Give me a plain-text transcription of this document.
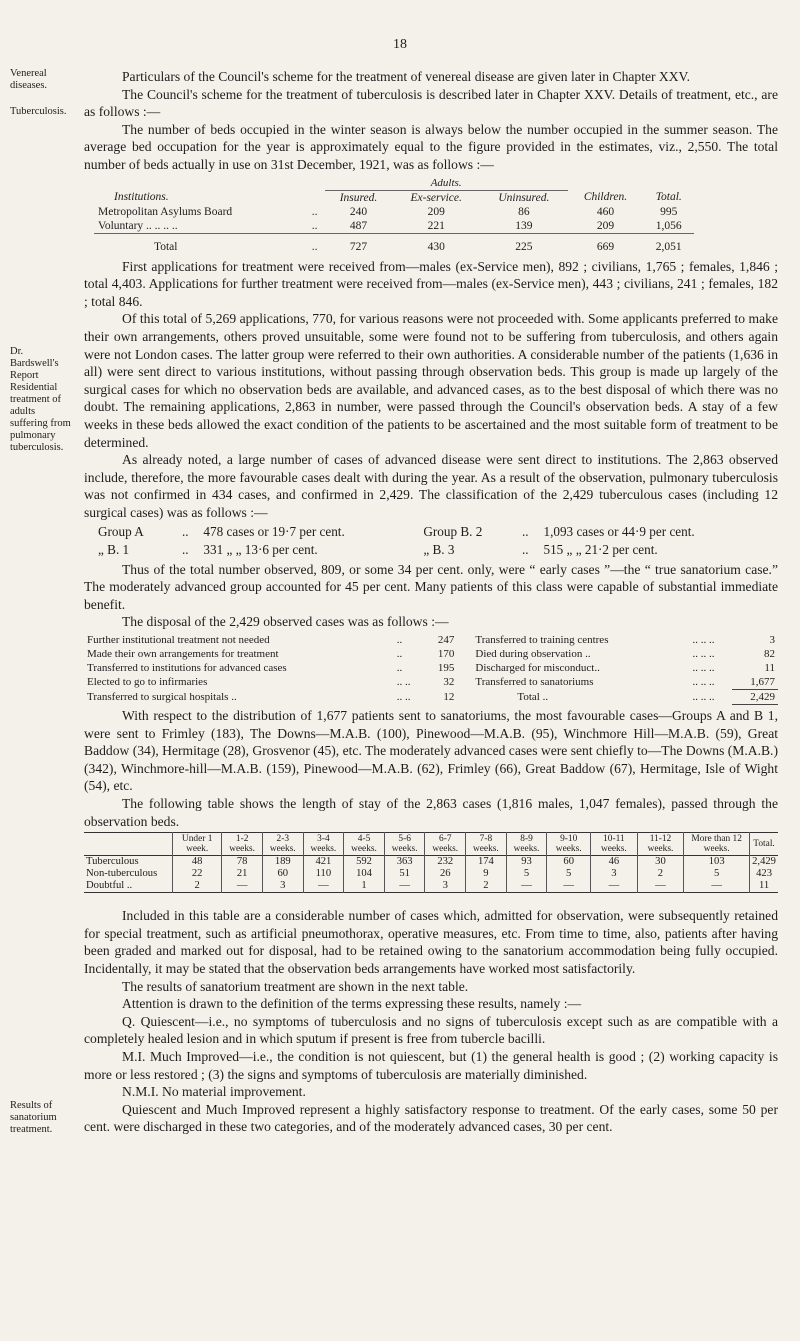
18
Venereal diseases.
Tuberculosis.
Dr. Bardswell's Report Residential treatment of adults suffering from pulmonary tuberculosis.
Results of sanatorium treatment.

Particulars of the Council's scheme for the treatment of venereal disease are given later in Chapter XXV.

The Council's scheme for the treatment of tuberculosis is described later in Chapter XXV. Details of treatment, etc., are as follows :—

The number of beds occupied in the winter season is always below the number occupied in the summer season. The average bed occupation for the year is approximately equal to the figure provided in the estimates, viz., 2,550. The total number of beds actually in use on 31st December, 1921, was as follows :—

		Adults.				
Institutions.		Insured.	Ex-service.	Uninsured.	Children.	Total.
Metropolitan Asylums Board	..	240	209	86	460	995
Voluntary .. .. .. ..	..	487	221	139	209	1,056
Total	..	727	430	225	669	2,051

First applications for treatment were received from—males (ex-Service men), 892 ; civilians, 1,765 ; females, 1,846 ; total 4,403. Applications for further treatment were received from—males (ex-Service men), 443 ; civilians, 241 ; females, 182 ; total 846.

Of this total of 5,269 applications, 770, for various reasons were not proceeded with. Some applicants preferred to make their own arrangements, others proved unsuitable, some were found not to be suffering from tuberculosis, and others again were not London cases. The latter group were referred to their own authorities. A considerable number of the patients (1,636 in all) were sent direct to various institutions, without passing through observation beds. This group is made up largely of the surgical cases for which no observation beds are available, and advanced cases, as to the best disposal of which there was no doubt. The remaining applications, 2,863 in number, were passed through the Council's observation beds. A stay of a few weeks in these beds allowed the exact condition of the patients to be ascertained and the most suitable form of treatment to be determined.

As already noted, a large number of cases of advanced disease were sent direct to institutions. The 2,863 observed include, therefore, the more favourable cases dealt with during the year. As a result of the observation, pulmonary tuberculosis was not confirmed in 434 cases, and confirmed in 2,429. The classification of the 2,429 tuberculous cases (including 12 surgical cases) was as follows :—

Group A	..	478 cases or 19·7 per cent.	Group B. 2	..	1,093 cases or 44·9 per cent.
„ B. 1	..	331 „ „ 13·6 per cent.	„ B. 3	..	515 „ „ 21·2 per cent.

Thus of the total number observed, 809, or some 34 per cent. only, were “ early cases ”—the “ true sanatorium case.” The moderately advanced group accounted for 45 per cent. Many patients of this class were capable of substantial immediate benefit.

The disposal of the 2,429 observed cases was as follows :—

Further institutional treatment not needed	..	247	Transferred to training centres	.. .. ..	3
Made their own arrangements for treatment	..	170	Died during observation ..	.. .. ..	82
Transferred to institutions for advanced cases	..	195	Discharged for misconduct..	.. .. ..	11
Elected to go to infirmaries	.. ..	32	Transferred to sanatoriums	.. .. ..	1,677
Transferred to surgical hospitals ..	.. ..	12	Total ..	.. .. ..	2,429

With respect to the distribution of 1,677 patients sent to sanatoriums, the most favourable cases—Groups A and B 1, were sent to Frimley (183), The Downs—M.A.B. (100), Pinewood—M.A.B. (95), Winchmore Hill—M.A.B. (59), Great Baddow (34), Hermitage (28), Grosvenor (45), etc. The moderately advanced cases were sent chiefly to—The Downs (M.A.B.) (342), Winchmore-hill—M.A.B. (159), Pinewood—M.A.B. (62), Frimley (66), Great Baddow (67), Hermitage, Isle of Wight (54), etc.

The following table shows the length of stay of the 2,863 cases (1,816 males, 1,047 females), passed through the observation beds.

	Under 1 week.	1-2 weeks.	2-3 weeks.	3-4 weeks.	4-5 weeks.	5-6 weeks.	6-7 weeks.	7-8 weeks.	8-9 weeks.	9-10 weeks.	10-11 weeks.	11-12 weeks.	More than 12 weeks.	Total.
Tuberculous	48	78	189	421	592	363	232	174	93	60	46	30	103	2,429
Non-tuberculous	22	21	60	110	104	51	26	9	5	5	3	2	5	423
Doubtful ..	2	—	3	—	1	—	3	2	—	—	—	—	—	11

Included in this table are a considerable number of cases which, admitted for observation, were subsequently retained for special treatment, such as artificial pneumothorax, operative measures, etc. From time to time, also, patients after having been graded and marked out for disposal, had to be retained owing to the sanatorium accommodation being fully occupied. Incidentally, it may be stated that the observation beds arrangements have worked most satisfactorily.

The results of sanatorium treatment are shown in the next table.

Attention is drawn to the definition of the terms expressing these results, namely :—

Q. Quiescent—i.e., no symptoms of tuberculosis and no signs of tuberculosis except such as are compatible with a completely healed lesion and in which sputum if present is free from tubercle bacilli.

M.I. Much Improved—i.e., the condition is not quiescent, but (1) the general health is good ; (2) working capacity is more or less restored ; (3) the signs and symptoms of tuberculosis are materially diminished.

N.M.I. No material improvement.

Quiescent and Much Improved represent a highly satisfactory response to treatment. Of the early cases, some 50 per cent. were discharged in these two categories, and of the moderately advanced cases, 30 per cent.
